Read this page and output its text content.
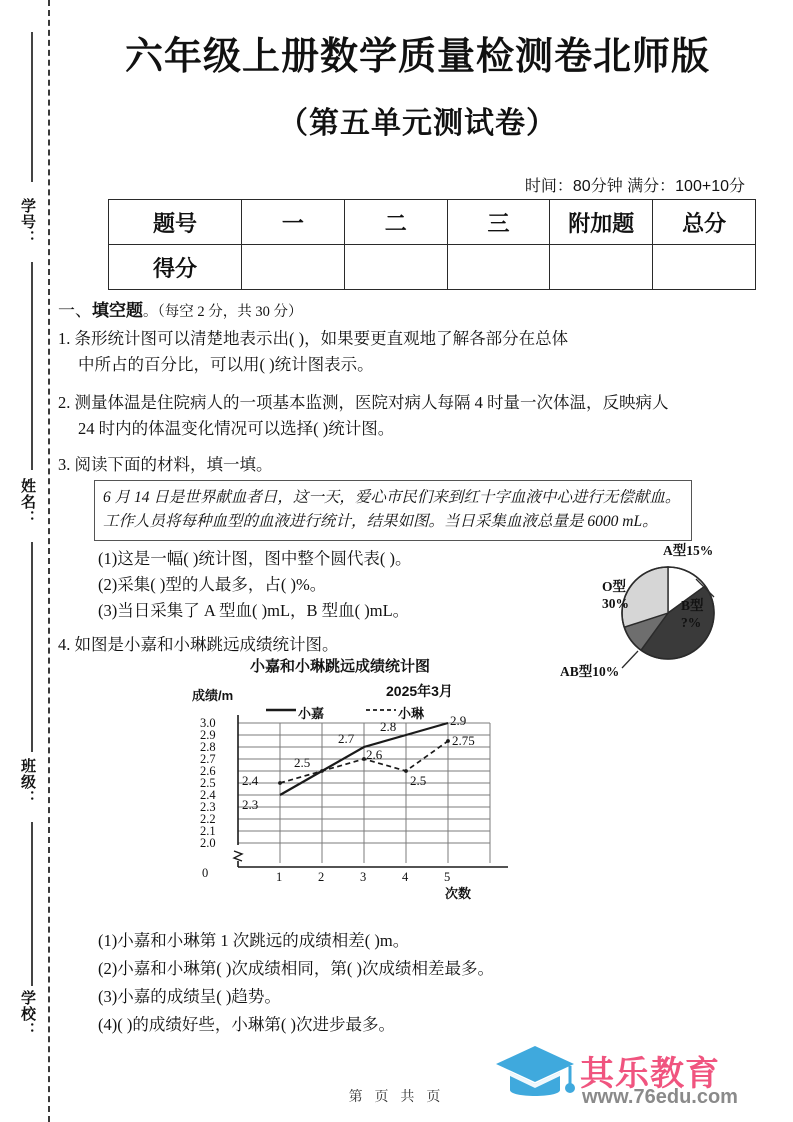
学号：
姓名：
班级：
学校：
六年级上册数学质量检测卷北师版
（第五单元测试卷）
时间：80分钟 满分：100+10分
题号	一	二	三	附加题	总分
得分					
一、填空题。（每空 2 分，共 30 分）
1. 条形统计图可以清楚地表示出( )，如果要更直观地了解各部分在总体
中所占的百分比，可以用( )统计图表示。
2. 测量体温是住院病人的一项基本监测，医院对病人每隔 4 时量一次体温，反映病人
24 时内的体温变化情况可以选择( )统计图。
3. 阅读下面的材料，填一填。
6 月 14 日是世界献血者日，这一天，爱心市民们来到红十字血液中心进行无偿献血。
工作人员将每种血型的血液进行统计，结果如图。当日采集血液总量是 6000 mL。
(1)这是一幅( )统计图，图中整个圆代表( )。
(2)采集( )型的人最多，占( )%。
(3)当日采集了 A 型血( )mL，B 型血( )mL。
A型15%
B型
?%
O型
30%
AB型10%
4. 如图是小嘉和小琳跳远成绩统计图。
小嘉和小琳跳远成绩统计图
成绩/m	2025年3月
小嘉	小琳
次数
0
2.0
2.1
2.2
2.3
2.4
2.5
2.6
2.7
2.8
2.9
3.0
1	2	3	4	5
2.3
2.5
2.7
2.8	2.9
2.4
2.6
2.5
2.75
(1)小嘉和小琳第 1 次跳远的成绩相差( )m。
(2)小嘉和小琳第( )次成绩相同，第( )次成绩相差最多。
(3)小嘉的成绩呈( )趋势。
(4)( )的成绩好些，小琳第( )次进步最多。
其乐教育
www.76edu.com
第 页 共 页
